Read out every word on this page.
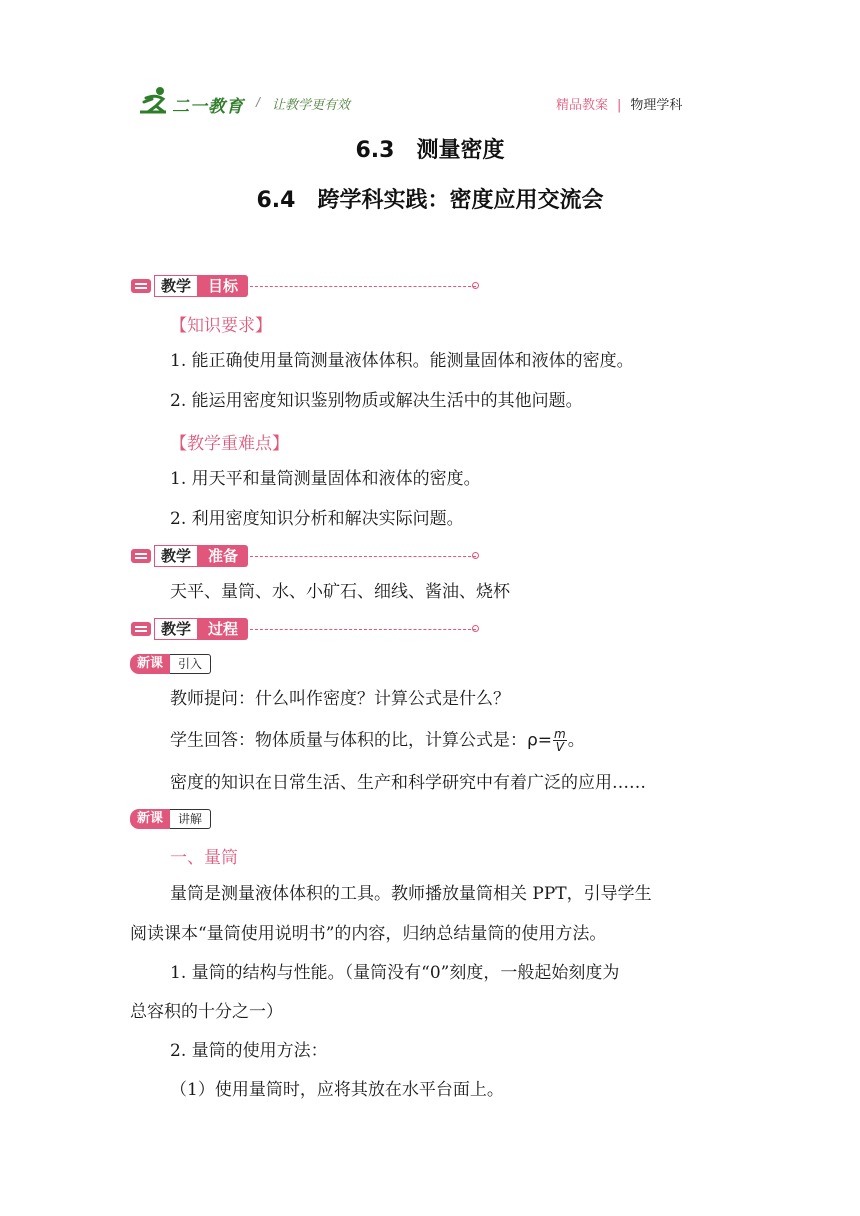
二一教育 / 让教学更有效	精品教案 | 物理学科
6.3　测量密度
6.4　跨学科实践：密度应用交流会
教学	目标
【知识要求】
1. 能正确使用量筒测量液体体积。能测量固体和液体的密度。
2. 能运用密度知识鉴别物质或解决生活中的其他问题。
【教学重难点】
1. 用天平和量筒测量固体和液体的密度。
2. 利用密度知识分析和解决实际问题。
教学	准备
天平、量筒、水、小矿石、细线、酱油、烧杯
教学	过程
新课	引入
教师提问：什么叫作密度？计算公式是什么？
学生回答：物体质量与体积的比，计算公式是：$\rho= \frac{m}{V}$ 。
密度的知识在日常生活、生产和科学研究中有着广泛的应用……
新课	讲解
一、量筒
量筒是测量液体体积的工具。教师播放量筒相关 PPT，引导学生
阅读课本“量筒使用说明书”的内容，归纳总结量筒的使用方法。
1. 量筒的结构与性能。（量筒没有“0”刻度，一般起始刻度为
总容积的十分之一）
2. 量筒的使用方法：
（1）使用量筒时，应将其放在水平台面上。
